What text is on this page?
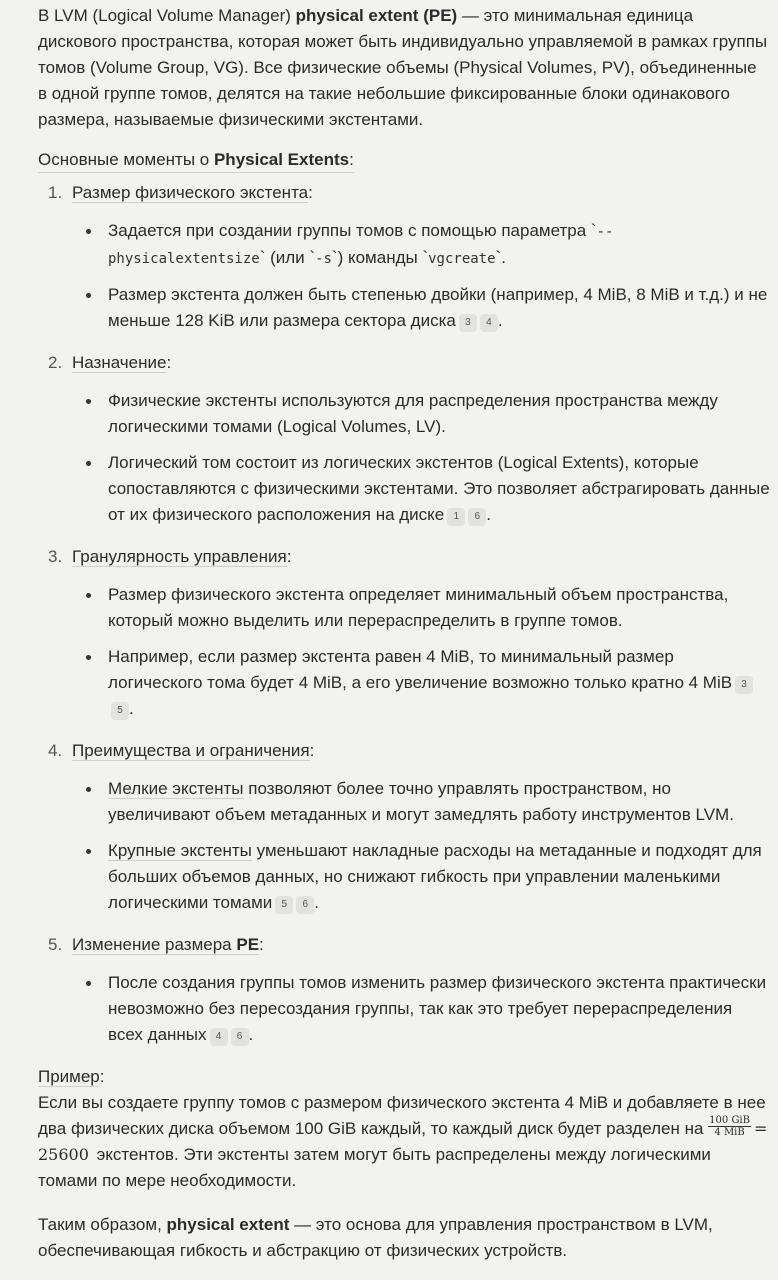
В LVM (Logical Volume Manager) physical extent (PE) — это минимальная единица дискового пространства, которая может быть индивидуально управляемой в рамках группы томов (Volume Group, VG). Все физические объемы (Physical Volumes, PV), объединенные в одной группе томов, делятся на такие небольшие фиксированные блоки одинакового размера, называемые физическими экстентами.

Основные моменты о Physical Extents:

1. Размер физического экстента:
Задается при создании группы томов с помощью параметра `--physicalextentsize` (или `-s`) команды `vgcreate`.
Размер экстента должен быть степенью двойки (например, 4 MiB, 8 MiB и т.д.) и не меньше 128 KiB или размера сектора диска 3 4 .
2. Назначение:
Физические экстенты используются для распределения пространства между логическими томами (Logical Volumes, LV).
Логический том состоит из логических экстентов (Logical Extents), которые сопоставляются с физическими экстентами. Это позволяет абстрагировать данные от их физического расположения на диске 1 6 .
3. Гранулярность управления:
Размер физического экстента определяет минимальный объем пространства, который можно выделить или перераспределить в группе томов.
Например, если размер экстента равен 4 MiB, то минимальный размер логического тома будет 4 MiB, а его увеличение возможно только кратно 4 MiB 35 .
4. Преимущества и ограничения:
Мелкие экстенты позволяют более точно управлять пространством, но увеличивают объем метаданных и могут замедлять работу инструментов LVM.
Крупные экстенты уменьшают накладные расходы на метаданные и подходят для больших объемов данных, но снижают гибкость при управлении маленькими логическими томами 5 6 .
5. Изменение размера PE:
После создания группы томов изменить размер физического экстента практически невозможно без пересоздания группы, так как это требует перераспределения всех данных 4 6 .

Пример:

Если вы создаете группу томов с размером физического экстента 4 MiB и добавляете в нее два физических диска объемом 100 GiB каждый, то каждый диск будет разделен на $\frac{\text{100 GiB}}{\text{4 MiB}} = 25600$ экстентов. Эти экстенты затем могут быть распределены между логическими томами по мере необходимости.

Таким образом, physical extent — это основа для управления пространством в LVM, обеспечивающая гибкость и абстракцию от физических устройств.
